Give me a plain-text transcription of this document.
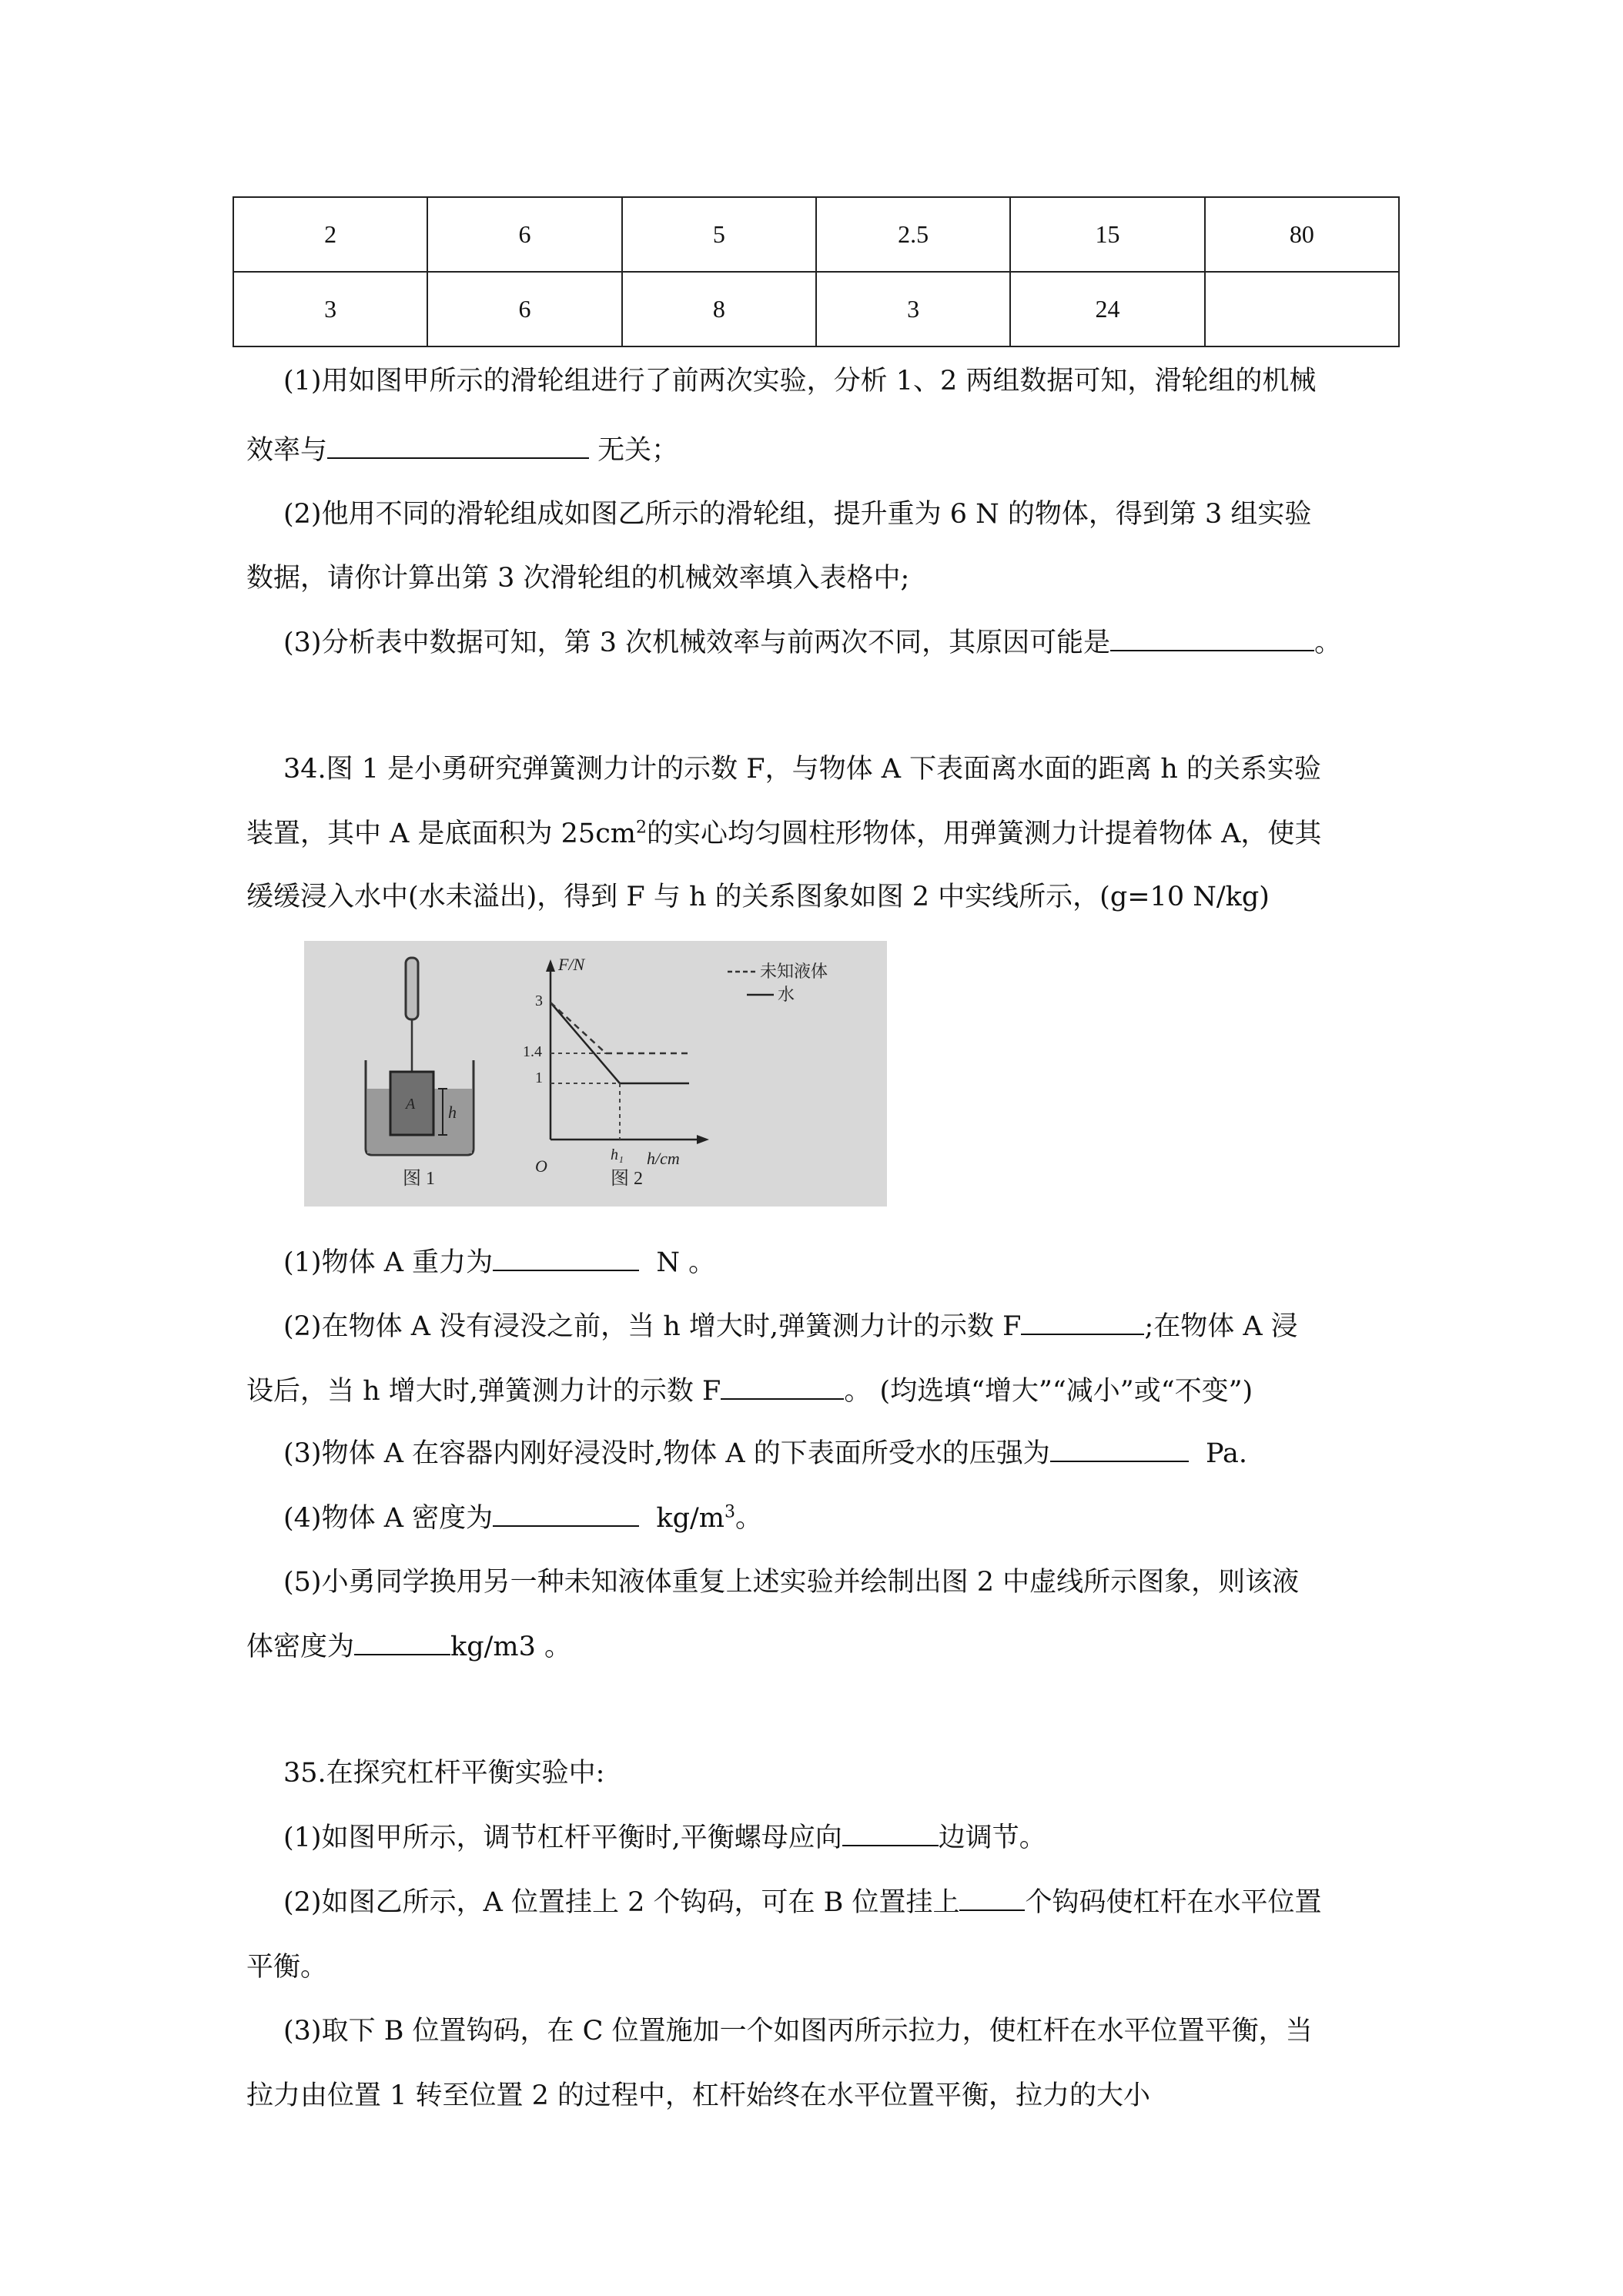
2	6	5	2.5	15	80
3	6	8	3	24	
(1)用如图甲所示的滑轮组进行了前两次实验，分析 1、2 两组数据可知，滑轮组的机械
效率与	无关；
(2)他用不同的滑轮组成如图乙所示的滑轮组，提升重为 6 N 的物体，得到第 3 组实验
数据，请你计算出第 3 次滑轮组的机械效率填入表格中;
(3)分析表中数据可知，第 3 次机械效率与前两次不同，其原因可能是	。
34.图 1 是小勇研究弹簧测力计的示数 F，与物体 A 下表面离水面的距离 h 的关系实验
装置，其中 A 是底面积为 $25cm^2$的实心均匀圆柱形物体，用弹簧测力计提着物体 A，使其
缓缓浸入水中(水未溢出)，得到 F 与 h 的关系图象如图 2 中实线所示，(g=10 N/kg)
A h
图 1
F/N
h/cm
O
3
1.4
1
h₁
图 2
未知液体
水
(1)物体 A 重力为	N 。
(2)在物体 A 没有浸没之前，当 h 增大时,弹簧测力计的示数 F	;在物体 A 浸
设后，当 h 增大时,弹簧测力计的示数 F	。 (均选填“增大”“减小”或“不变”)
(3)物体 A 在容器内刚好浸没时,物体 A 的下表面所受水的压强为	Pa.
(4)物体 A 密度为	$kg/m^3$。
(5)小勇同学换用另一种未知液体重复上述实验并绘制出图 2 中虚线所示图象，则该液
体密度为	kg/m3 。
35.在探究杠杆平衡实验中:
(1)如图甲所示，调节杠杆平衡时,平衡螺母应向	边调节。
(2)如图乙所示，A 位置挂上 2 个钩码，可在 B 位置挂上 个钩码使杠杆在水平位置
平衡。
(3)取下 B 位置钩码，在 C 位置施加一个如图丙所示拉力，使杠杆在水平位置平衡，当
拉力由位置 1 转至位置 2 的过程中，杠杆始终在水平位置平衡，拉力的大小
